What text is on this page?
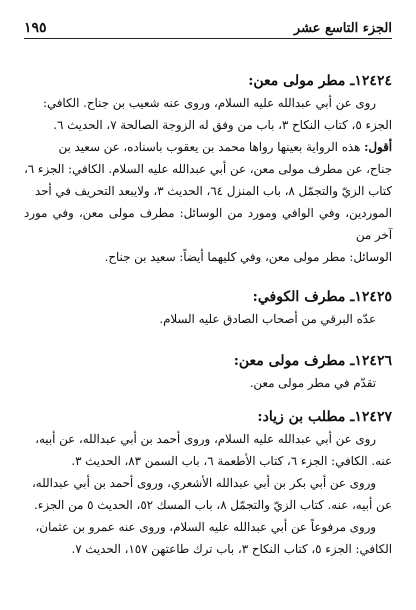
الجزء التاسع عشر
١٩٥

١٢٤٢٤ـ مطر مولى معن:

روى عن أبي عبدالله عليه السلام، وروى عنه شعيب بن جناح. الكافي:

الجزء ٥، كتاب النكاح ٣، باب من وفق له الزوجة الصالحة ٧، الحديث ٦.

أقول: هذه الرواية بعينها رواها محمد بن يعقوب باسناده، عن سعيد بن

جناح، عن مطرف مولى معن، عن أبي عبدالله عليه السلام. الكافي: الجزء ٦،

كتاب الزيّ والتجمّل ٨، باب المنزل ٦٤، الحديث ٣، ولايبعد التحريف في أحد

الموردين، وفي الوافي ومورد من الوسائل: مطرف مولى معن، وفي مورد آخر من

الوسائل: مطر مولى معن، وفي كليهما أيضاً: سعيد بن جناح.

١٢٤٢٥ـ مطرف الكوفي:

عدّه البرقي من أصحاب الصادق عليه السلام.

١٢٤٢٦ـ مطرف مولى معن:

تقدّم في مطر مولى معن.

١٢٤٢٧ـ مطلب بن زياد:

روى عن أبي عبدالله عليه السلام، وروى أحمد بن أبي عبدالله، عن أبيه،

عنه. الكافي: الجزء ٦، كتاب الأطعمة ٦، باب السمن ٨٣، الحديث ٣.

وروى عن أبي بكر بن أبي عبدالله الأشعري، وروى أحمد بن أبي عبدالله،

عن أبيه، عنه. كتاب الزيّ والتجمّل ٨، باب المسك ٥٢، الحديث ٥ من الجزء.

وروى مرفوعاً عن أبي عبدالله عليه السلام، وروى عنه عمرو بن عثمان،

الكافي: الجزء ٥، كتاب النكاح ٣، باب ترك طاعتهن ١٥٧، الحديث ٧.
